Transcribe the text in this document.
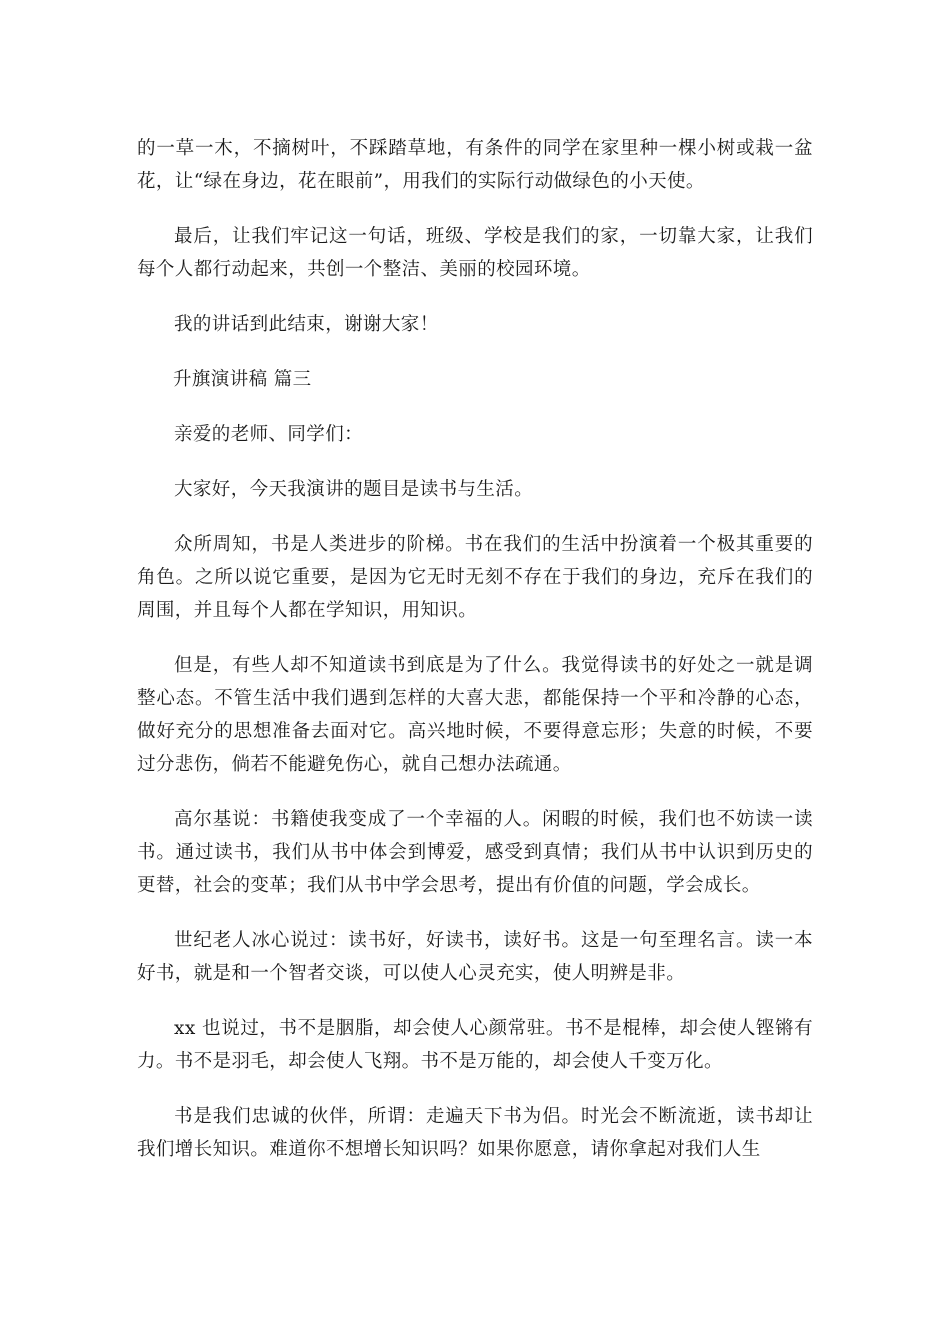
的一草一木，不摘树叶，不踩踏草地，有条件的同学在家里种一棵小树或栽一盆花，让“绿在身边，花在眼前”，用我们的实际行动做绿色的小天使。

最后，让我们牢记这一句话，班级、学校是我们的家，一切靠大家，让我们每个人都行动起来，共创一个整洁、美丽的校园环境。

我的讲话到此结束，谢谢大家！

升旗演讲稿 篇三

亲爱的老师、同学们：

大家好，今天我演讲的题目是读书与生活。

众所周知，书是人类进步的阶梯。书在我们的生活中扮演着一个极其重要的角色。之所以说它重要，是因为它无时无刻不存在于我们的身边，充斥在我们的周围，并且每个人都在学知识，用知识。

但是，有些人却不知道读书到底是为了什么。我觉得读书的好处之一就是调整心态。不管生活中我们遇到怎样的大喜大悲，都能保持一个平和冷静的心态，做好充分的思想准备去面对它。高兴地时候，不要得意忘形；失意的时候，不要过分悲伤，倘若不能避免伤心，就自己想办法疏通。

高尔基说：书籍使我变成了一个幸福的人。闲暇的时候，我们也不妨读一读书。通过读书，我们从书中体会到博爱，感受到真情；我们从书中认识到历史的更替，社会的变革；我们从书中学会思考，提出有价值的问题，学会成长。

世纪老人冰心说过：读书好，好读书，读好书。这是一句至理名言。读一本好书，就是和一个智者交谈，可以使人心灵充实，使人明辨是非。

xx 也说过，书不是胭脂，却会使人心颜常驻。书不是棍棒，却会使人铿锵有力。书不是羽毛，却会使人飞翔。书不是万能的，却会使人千变万化。

书是我们忠诚的伙伴，所谓：走遍天下书为侣。时光会不断流逝，读书却让我们增长知识。难道你不想增长知识吗？如果你愿意，请你拿起对我们人生
